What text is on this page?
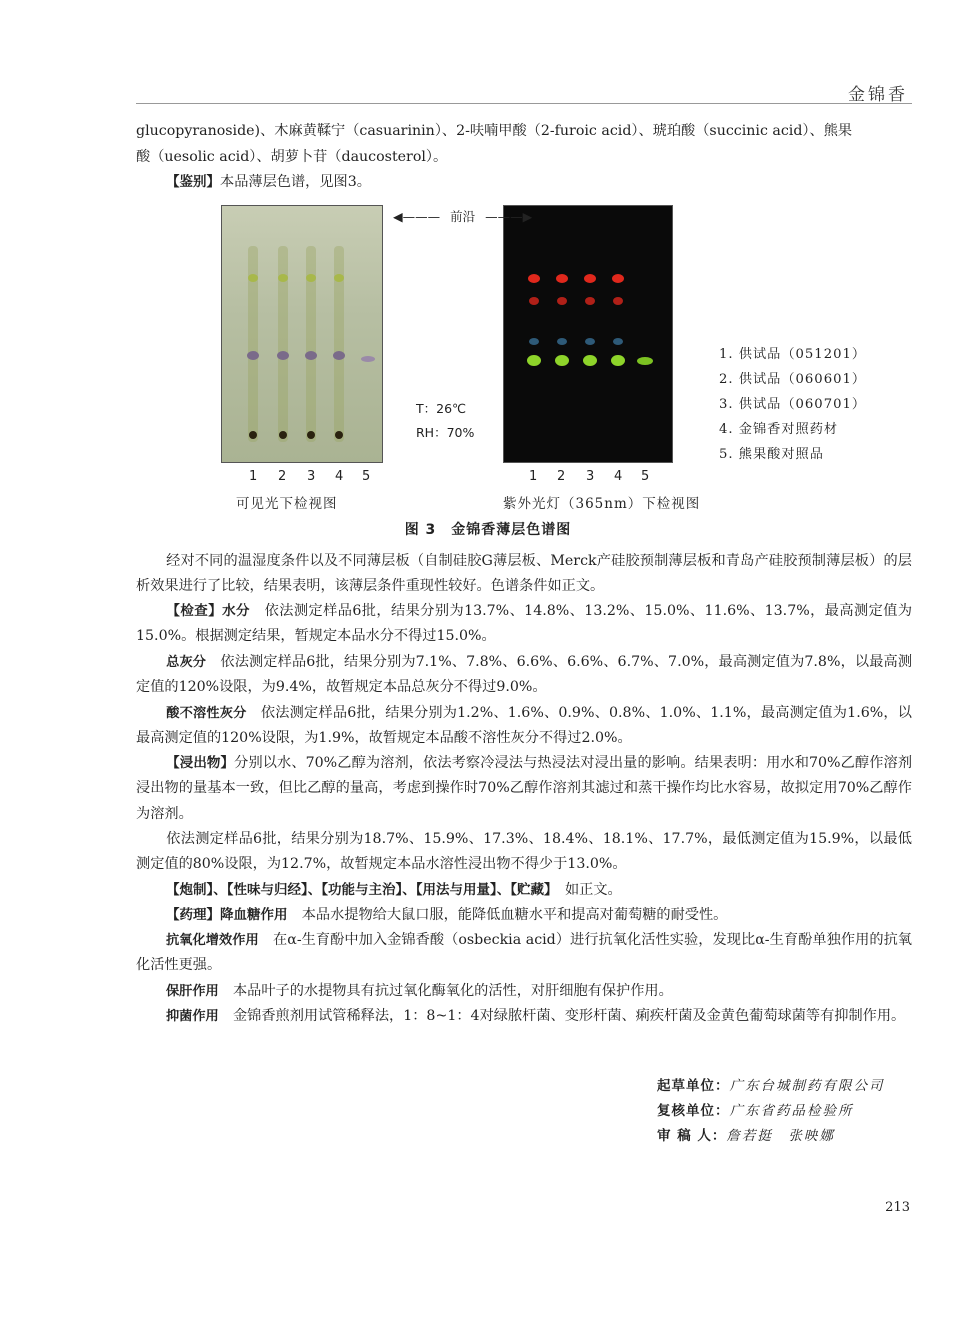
金锦香

glucopyranoside)、木麻黄鞣宁（casuarinin）、2-呋喃甲酸（2-furoic acid）、琥珀酸（succinic acid）、熊果

酸（uesolic acid）、胡萝卜苷（daucosterol）。

【鉴别】本品薄层色谱，见图3。

◀——— 前沿 ———▶
T：26℃
RH：70%
1. 供试品（051201）
2. 供试品（060601）
3. 供试品（060701）
4. 金锦香对照药材
5. 熊果酸对照品
1 2 3 4 5	1 2 3 4 5
可见光下检视图	紫外光灯（365nm）下检视图
图 3　金锦香薄层色谱图

经对不同的温湿度条件以及不同薄层板（自制硅胶G薄层板、Merck产硅胶预制薄层板和青岛产硅胶预制薄层板）的层析效果进行了比较，结果表明，该薄层条件重现性较好。色谱条件如正文。

【检查】水分　 依法测定样品6批，结果分别为13.7%、14.8%、13.2%、15.0%、11.6%、13.7%，最高测定值为15.0%。根据测定结果，暂规定本品水分不得过15.0%。

总灰分　 依法测定样品6批，结果分别为7.1%、7.8%、6.6%、6.6%、6.7%、7.0%，最高测定值为7.8%，以最高测定值的120%设限，为9.4%，故暂规定本品总灰分不得过9.0%。

酸不溶性灰分　 依法测定样品6批，结果分别为1.2%、1.6%、0.9%、0.8%、1.0%、1.1%，最高测定值为1.6%，以最高测定值的120%设限，为1.9%，故暂规定本品酸不溶性灰分不得过2.0%。

【浸出物】分别以水、70%乙醇为溶剂，依法考察冷浸法与热浸法对浸出量的影响。结果表明：用水和70%乙醇作溶剂浸出物的量基本一致，但比乙醇的量高，考虑到操作时70%乙醇作溶剂其滤过和蒸干操作均比水容易，故拟定用70%乙醇作为溶剂。

依法测定样品6批，结果分别为18.7%、15.9%、17.3%、18.4%、18.1%、17.7%，最低测定值为15.9%，以最低测定值的80%设限，为12.7%，故暂规定本品水溶性浸出物不得少于13.0%。

【炮制】、【性味与归经】、【功能与主治】、【用法与用量】、【贮藏】　 如正文。

【药理】降血糖作用　 本品水提物给大鼠口服，能降低血糖水平和提高对葡萄糖的耐受性。

抗氧化增效作用　 在α-生育酚中加入金锦香酸（osbeckia acid）进行抗氧化活性实验，发现比α-生育酚单独作用的抗氧化活性更强。

保肝作用　 本品叶子的水提物具有抗过氧化酶氧化的活性，对肝细胞有保护作用。

抑菌作用　 金锦香煎剂用试管稀释法，1：8~1：4对绿脓杆菌、变形杆菌、痢疾杆菌及金黄色葡萄球菌等有抑制作用。

起草单位：广东台城制药有限公司
复核单位：广东省药品检验所
审 稿 人：詹若挺　张映娜
213
